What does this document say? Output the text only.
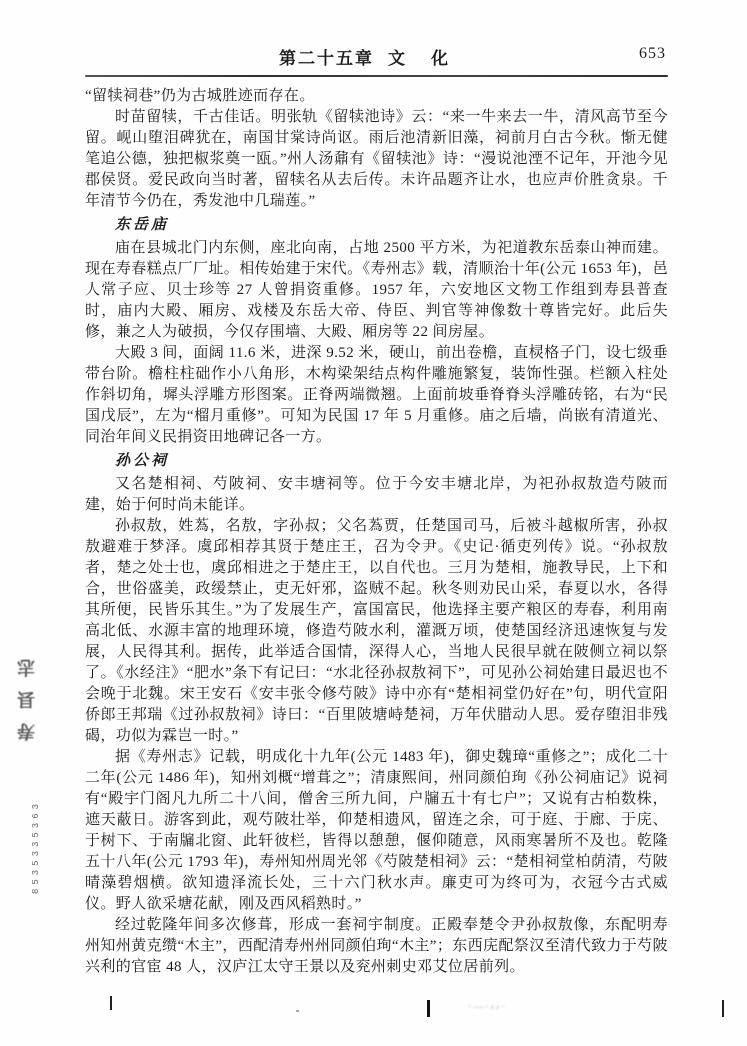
第二十五章 文化	653

“留犊祠巷”仍为古城胜迹而存在。

时苗留犊，千古佳话。明张轨《留犊池诗》云：“来一牛来去一牛，清风高节至今留。岘山堕泪碑犹在，南国甘棠诗尚讴。雨后池清新旧藻，祠前月白古今秋。惭无健笔追公德，独把椒浆奠一瓯。”州人汤鼐有《留犊池》诗：“漫说池湮不记年，开池今见郡侯贤。爱民政向当时著，留犊名从去后传。未许品题齐让水，也应声价胜贪泉。千年清节今仍在，秀发池中几瑞莲。”

东岳庙

庙在县城北门内东侧，座北向南，占地 2500 平方米，为祀道教东岳泰山神而建。现在寿春糕点厂厂址。相传始建于宋代。《寿州志》载，清顺治十年(公元 1653 年)，邑人常子应、贝士珍等 27 人曾捐资重修。1957 年，六安地区文物工作组到寿县普查时，庙内大殿、厢房、戏楼及东岳大帝、侍臣、判官等神像数十尊皆完好。此后失修，兼之人为破损，今仅存围墙、大殿、厢房等 22 间房屋。

大殿 3 间，面阔 11.6 米，进深 9.52 米，硬山，前出卷檐，直棂格子门，设七级垂带台阶。檐柱柱础作小八角形，木构梁架结点构件雕施繁复，装饰性强。栏额入柱处作斜切角，墀头浮雕方形图案。正脊两端微翘。上面前坡垂脊脊头浮雕砖铭，右为“民国戊辰”，左为“榴月重修”。可知为民国 17 年 5 月重修。庙之后墙，尚嵌有清道光、同治年间义民捐资田地碑记各一方。

孙公祠

又名楚相祠、芍陂祠、安丰塘祠等。位于今安丰塘北岸，为祀孙叔敖造芍陂而建，始于何时尚未能详。

孙叔敖，姓蒍，名敖，字孙叔；父名蒍贾，任楚国司马，后被斗越椒所害，孙叔敖避难于梦泽。虞邱相荐其贤于楚庄王，召为令尹。《史记·循吏列传》说。“孙叔敖者，楚之处士也，虞邱相进之于楚庄王，以自代也。三月为楚相，施教导民，上下和合，世俗盛美，政缓禁止，吏无奸邪，盗贼不起。秋冬则劝民山采，春夏以水，各得其所便，民皆乐其生。”为了发展生产，富国富民，他选择主要产粮区的寿春，利用南高北低、水源丰富的地理环境，修造芍陂水利，灌溉万顷，使楚国经济迅速恢复与发展，人民得其利。据传，此举适合国情，深得人心，当地人民很早就在陂侧立祠以祭了。《水经注》“肥水”条下有记曰：“水北径孙叔敖祠下”，可见孙公祠始建日最迟也不会晚于北魏。宋王安石《安丰张令修芍陂》诗中亦有“楚相祠堂仍好在”句，明代宣阳侨郎王邦瑞《过孙叔敖祠》诗曰：“百里陂塘峙楚祠，万年伏腊动人思。爱存堕泪非残碣，功似为霖岂一时。”

据《寿州志》记载，明成化十九年(公元 1483 年)，御史魏璋“重修之”；成化二十二年(公元 1486 年)，知州刘概“增葺之”；清康熙间，州同颜伯珣《孙公祠庙记》说祠有“殿宇门阁凡九所二十八间，僧舍三所九间，户牖五十有七户”；又说有古柏数株，遮天蔽日。游客到此，观芍陂壮举，仰楚相遗风，留连之余，可于庭、于廊、于庑、于树下、于南牖北窗、此轩彼栏，皆得以憩憩，偃仰随意，风雨寒暑所不及也。乾隆五十八年(公元 1793 年)，寿州知州周光邻《芍陂楚相祠》云：“楚相祠堂柏荫清，芍陂晴藻碧烟横。欲知遗泽流长处，三十六门秋水声。廉吏可为终可为，衣冠今古式威仪。野人欲采塘花献，刚及西风稻熟时。”

经过乾隆年间多次修葺，形成一套祠宇制度。正殿奉楚令尹孙叔敖像，东配明寿州知州黄克缵“木主”，西配清寿州州同颜伯珣“木主”；东西庑配祭汉至清代致力于芍陂兴利的官宦 48 人，汉庐江太守王景以及兖州刺史邓艾位居前列。

寿县志
8535335363
·—·⸗⸗·
